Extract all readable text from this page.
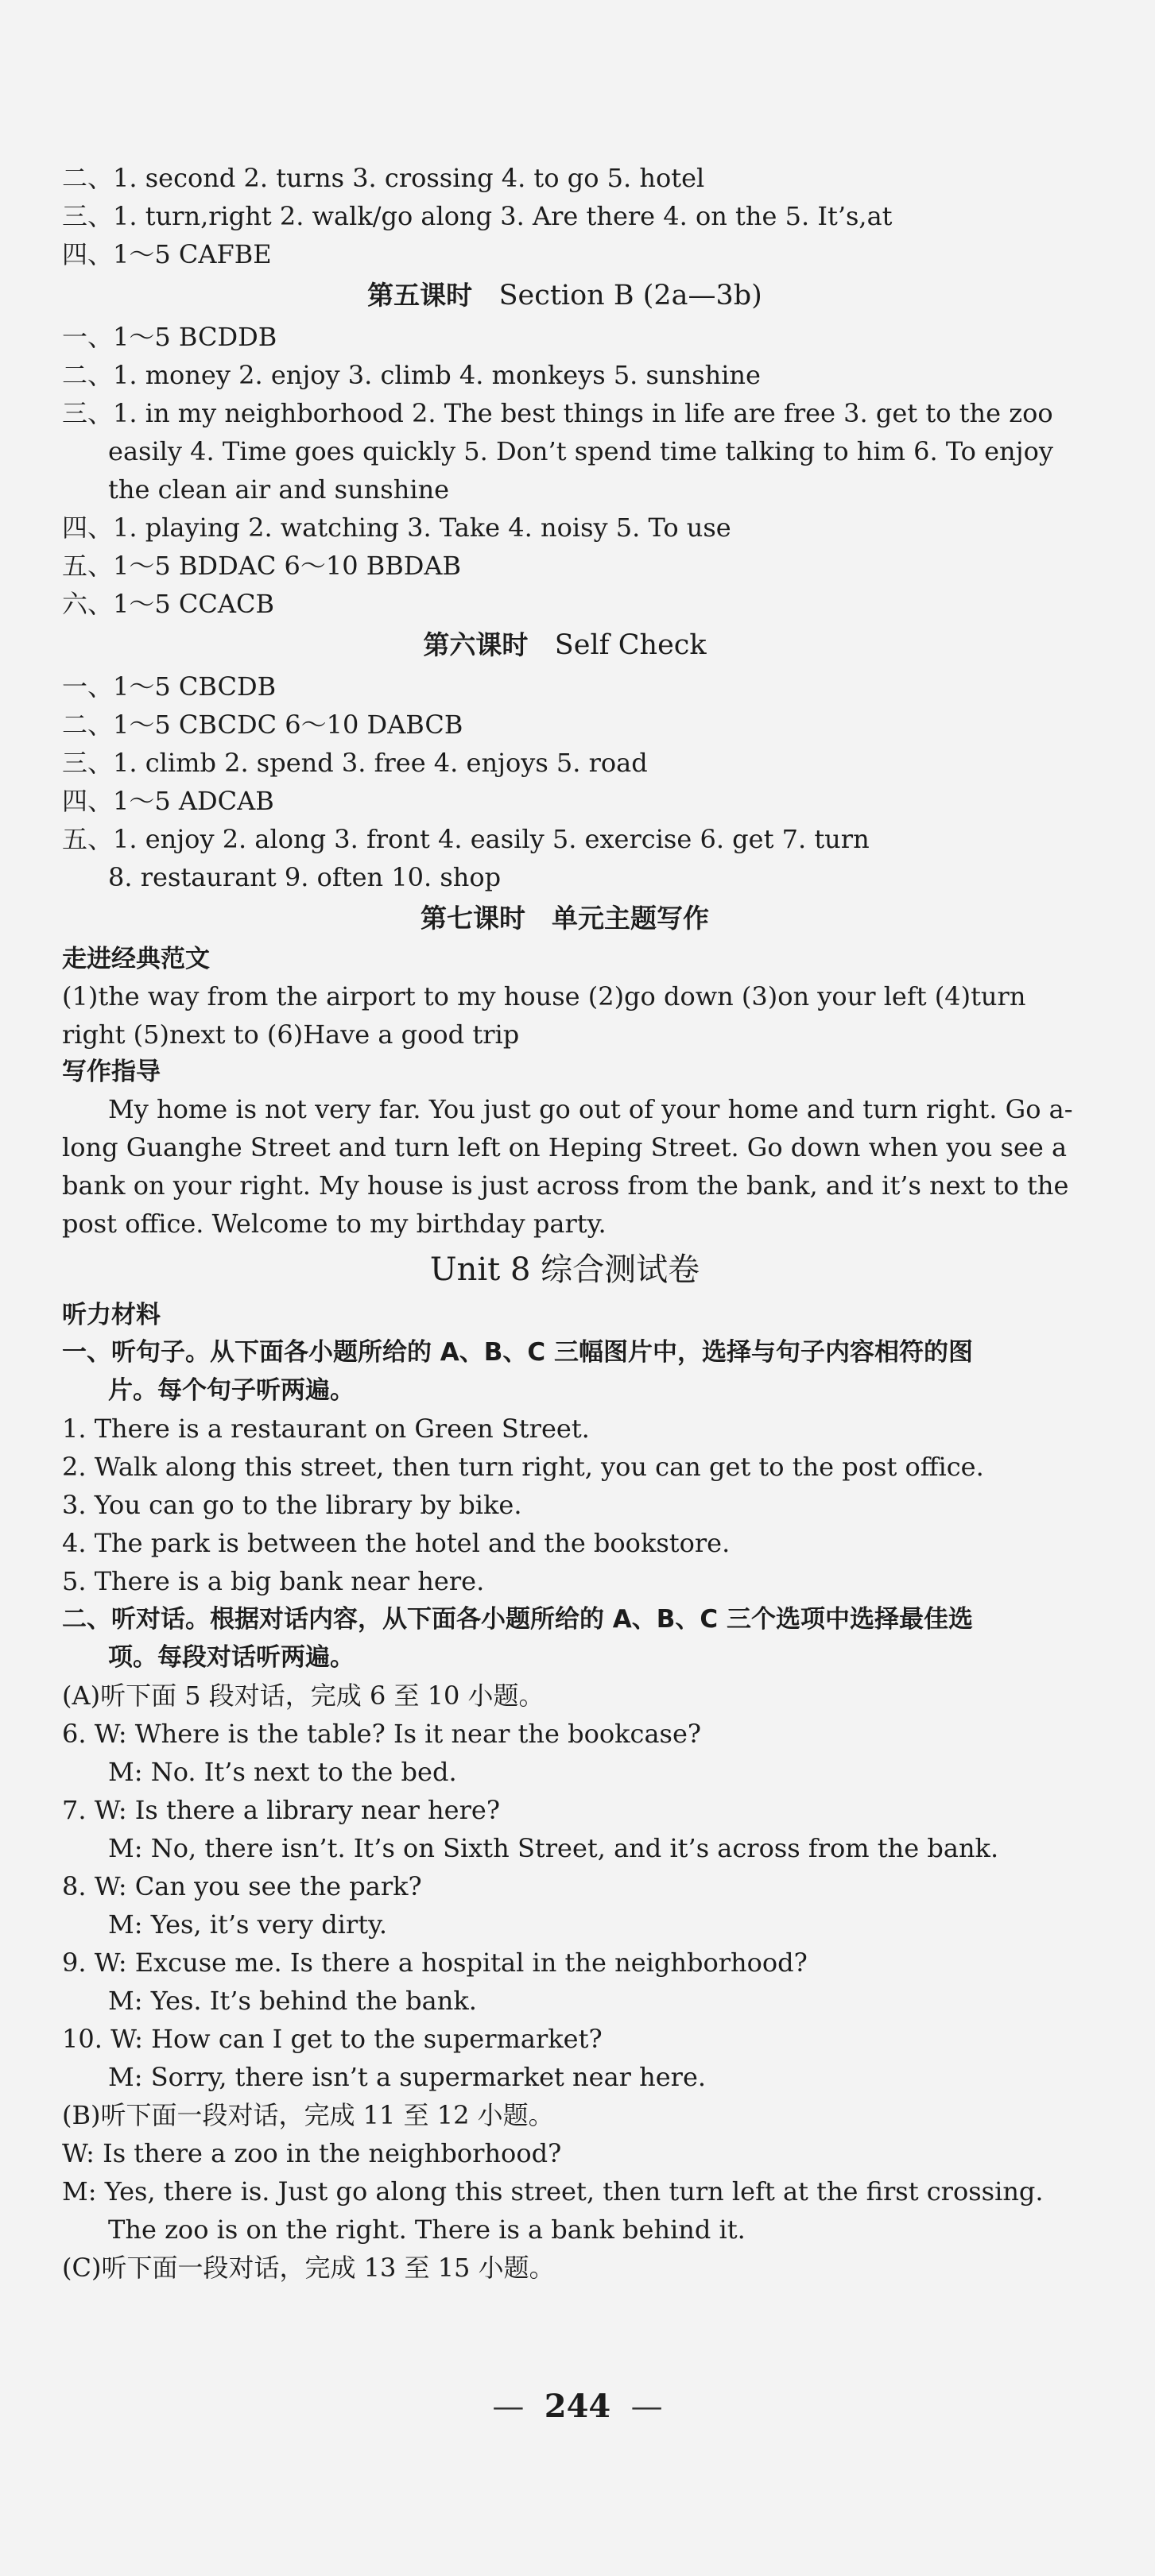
二、1. second 2. turns 3. crossing 4. to go 5. hotel
三、1. turn,right 2. walk/go along 3. Are there 4. on the 5. It’s,at
四、1～5 CAFBE
第五课时 Section B (2a—3b)
一、1～5 BCDDB
二、1. money 2. enjoy 3. climb 4. monkeys 5. sunshine
三、1. in my neighborhood 2. The best things in life are free 3. get to the zoo
easily 4. Time goes quickly 5. Don’t spend time talking to him 6. To enjoy
the clean air and sunshine
四、1. playing 2. watching 3. Take 4. noisy 5. To use
五、1～5 BDDAC 6～10 BBDAB
六、1～5 CCACB
第六课时 Self Check
一、1～5 CBCDB
二、1～5 CBCDC 6～10 DABCB
三、1. climb 2. spend 3. free 4. enjoys 5. road
四、1～5 ADCAB
五、1. enjoy 2. along 3. front 4. easily 5. exercise 6. get 7. turn
8. restaurant 9. often 10. shop
第七课时　单元主题写作
走进经典范文
(1)the way from the airport to my house (2)go down (3)on your left (4)turn
right (5)next to (6)Have a good trip
写作指导
My home is not very far. You just go out of your home and turn right. Go a-
long Guanghe Street and turn left on Heping Street. Go down when you see a
bank on your right. My house is just across from the bank, and it’s next to the
post office. Welcome to my birthday party.
Unit 8 综合测试卷
听力材料
一、听句子。从下面各小题所给的 A、B、C 三幅图片中，选择与句子内容相符的图
片。每个句子听两遍。
1. There is a restaurant on Green Street.
2. Walk along this street, then turn right, you can get to the post office.
3. You can go to the library by bike.
4. The park is between the hotel and the bookstore.
5. There is a big bank near here.
二、听对话。根据对话内容，从下面各小题所给的 A、B、C 三个选项中选择最佳选
项。每段对话听两遍。
(A)听下面 5 段对话，完成 6 至 10 小题。
6. W: Where is the table? Is it near the bookcase?
M: No. It’s next to the bed.
7. W: Is there a library near here?
M: No, there isn’t. It’s on Sixth Street, and it’s across from the bank.
8. W: Can you see the park?
M: Yes, it’s very dirty.
9. W: Excuse me. Is there a hospital in the neighborhood?
M: Yes. It’s behind the bank.
10. W: How can I get to the supermarket?
M: Sorry, there isn’t a supermarket near here.
(B)听下面一段对话，完成 11 至 12 小题。
W: Is there a zoo in the neighborhood?
M: Yes, there is. Just go along this street, then turn left at the first crossing.
The zoo is on the right. There is a bank behind it.
(C)听下面一段对话，完成 13 至 15 小题。
—  244  —
